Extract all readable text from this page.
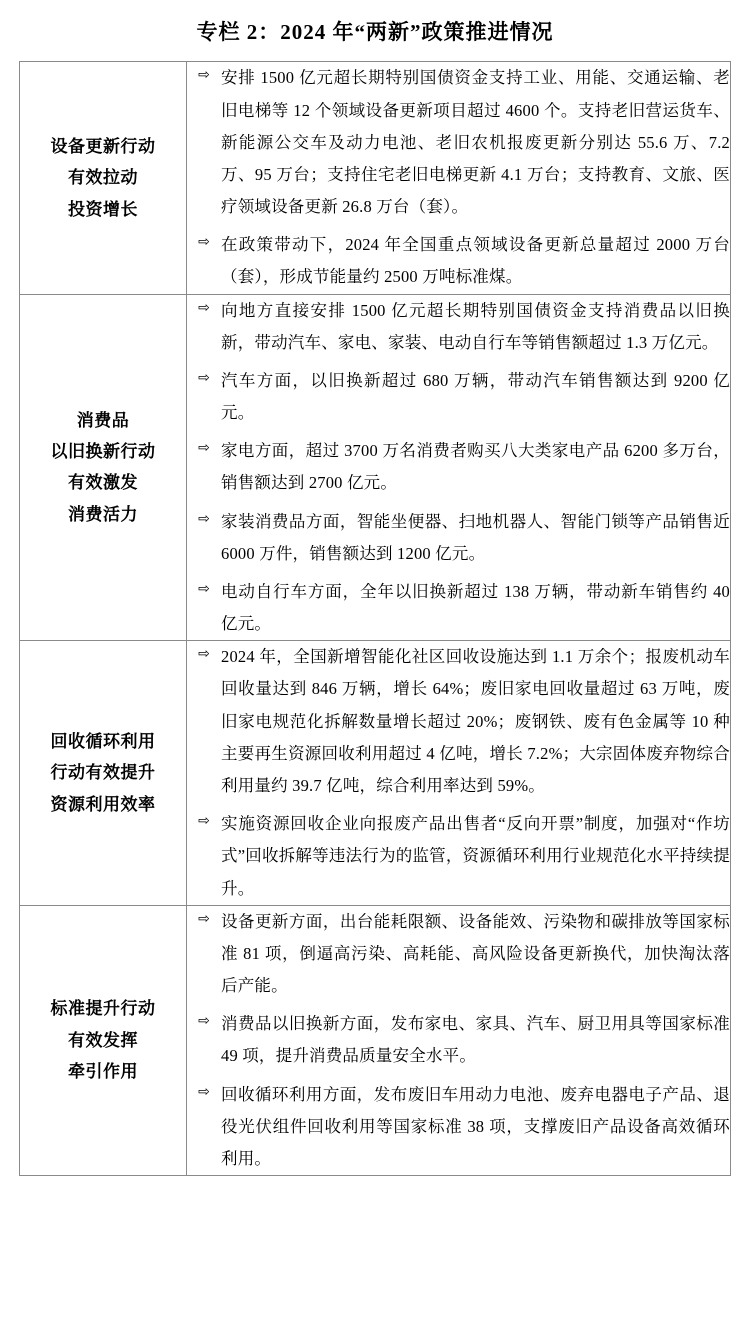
专栏 2：2024 年“两新”政策推进情况
设备更新行动
有效拉动
投资增长

⇨ 安排 1500 亿元超长期特别国债资金支持工业、用能、交通运输、老旧电梯等 12 个领域设备更新项目超过 4600 个。支持老旧营运货车、新能源公交车及动力电池、老旧农机报废更新分别达 55.6 万、7.2 万、95 万台；支持住宅老旧电梯更新 4.1 万台；支持教育、文旅、医疗领域设备更新 26.8 万台（套）。
⇨ 在政策带动下，2024 年全国重点领域设备更新总量超过 2000 万台（套），形成节能量约 2500 万吨标准煤。

消费品
以旧换新行动
有效激发
消费活力

⇨ 向地方直接安排 1500 亿元超长期特别国债资金支持消费品以旧换新，带动汽车、家电、家装、电动自行车等销售额超过 1.3 万亿元。
⇨ 汽车方面，以旧换新超过 680 万辆，带动汽车销售额达到 9200 亿元。
⇨ 家电方面，超过 3700 万名消费者购买八大类家电产品 6200 多万台，销售额达到 2700 亿元。
⇨ 家装消费品方面，智能坐便器、扫地机器人、智能门锁等产品销售近 6000 万件，销售额达到 1200 亿元。
⇨ 电动自行车方面，全年以旧换新超过 138 万辆，带动新车销售约 40 亿元。

回收循环利用
行动有效提升
资源利用效率

⇨ 2024 年，全国新增智能化社区回收设施达到 1.1 万余个；报废机动车回收量达到 846 万辆，增长 64%；废旧家电回收量超过 63 万吨，废旧家电规范化拆解数量增长超过 20%；废钢铁、废有色金属等 10 种主要再生资源回收利用超过 4 亿吨，增长 7.2%；大宗固体废弃物综合利用量约 39.7 亿吨，综合利用率达到 59%。
⇨ 实施资源回收企业向报废产品出售者“反向开票”制度，加强对“作坊式”回收拆解等违法行为的监管，资源循环利用行业规范化水平持续提升。

标准提升行动
有效发挥
牵引作用

⇨ 设备更新方面，出台能耗限额、设备能效、污染物和碳排放等国家标准 81 项，倒逼高污染、高耗能、高风险设备更新换代，加快淘汰落后产能。
⇨ 消费品以旧换新方面，发布家电、家具、汽车、厨卫用具等国家标准 49 项，提升消费品质量安全水平。
⇨ 回收循环利用方面，发布废旧车用动力电池、废弃电器电子产品、退役光伏组件回收利用等国家标准 38 项，支撑废旧产品设备高效循环利用。
